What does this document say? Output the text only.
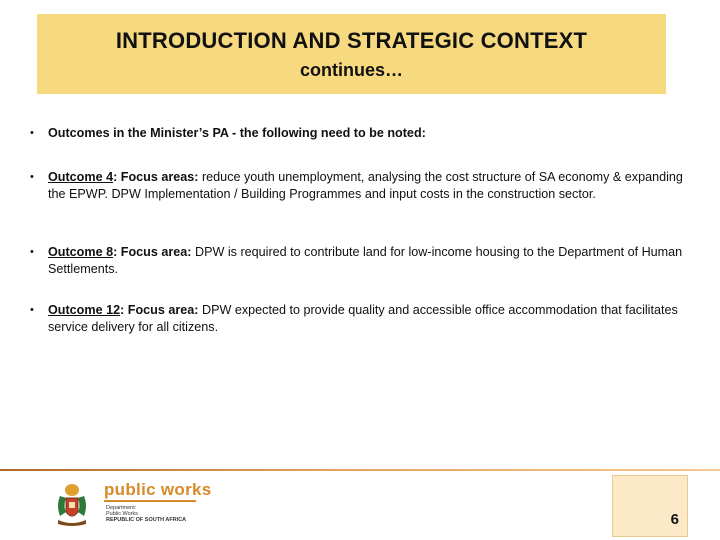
INTRODUCTION AND STRATEGIC CONTEXT
continues…
• Outcomes in the Minister’s PA - the following need to be noted:
• Outcome 4: Focus areas: reduce youth unemployment, analysing the cost structure of SA economy & expanding the EPWP. DPW Implementation / Building Programmes and input costs in the construction sector.
• Outcome 8: Focus area: DPW is required to contribute land for low-income housing to the Department of Human Settlements.
• Outcome 12: Focus area: DPW expected to provide quality and accessible office accommodation that facilitates service delivery for all citizens.
public works
Department:
Public Works
REPUBLIC OF SOUTH AFRICA	6
